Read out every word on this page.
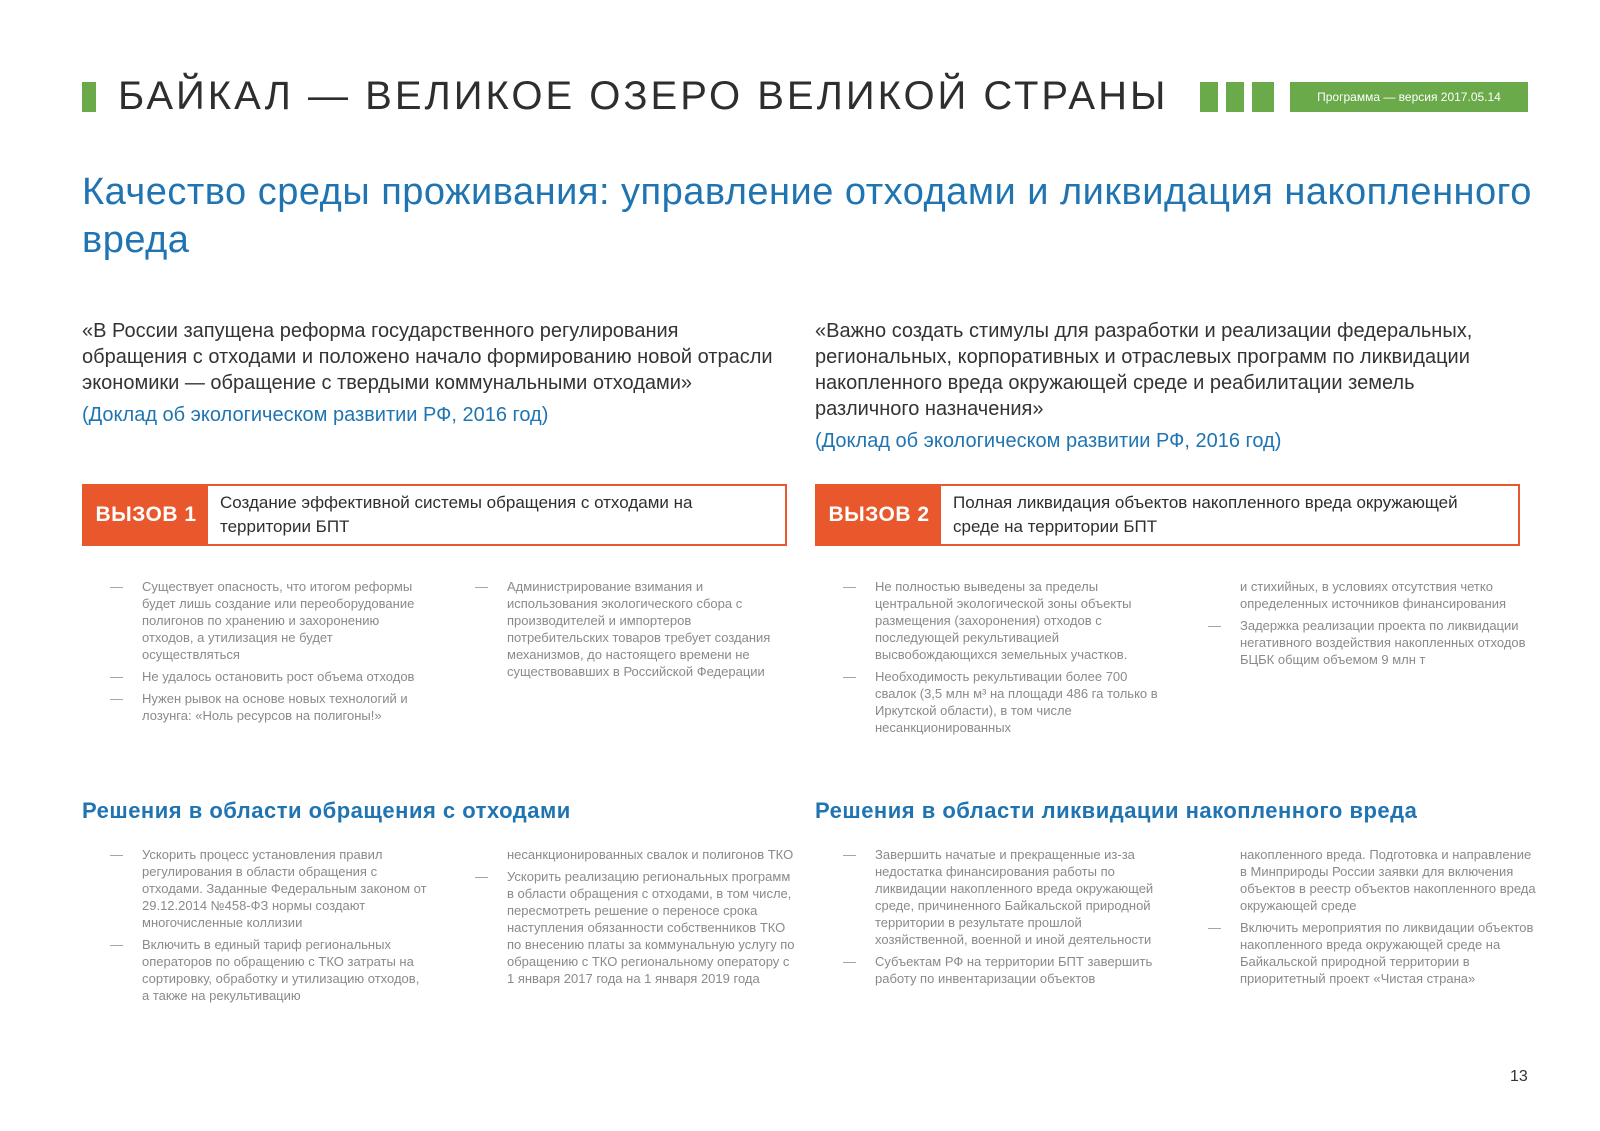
БАЙКАЛ — ВЕЛИКОЕ ОЗЕРО ВЕЛИКОЙ СТРАНЫ	Программа — версия 2017.05.14
Качество среды проживания: управление отходами и ликвидация накопленного вреда
«В России запущена реформа государственного регулирования обращения с отходами и положено начало формированию новой отрасли экономики — обращение с твердыми коммунальными отходами»
(Доклад об экологическом развитии РФ, 2016 год)
«Важно создать стимулы для разработки и реализации федеральных, региональных, корпоративных и отраслевых программ по ликвидации накопленного вреда окружающей среде и реабилитации земель различного назначения»
(Доклад об экологическом развитии РФ, 2016 год)
ВЫЗОВ 1
Создание эффективной системы обращения с отходами на территории БПТ
ВЫЗОВ 2
Полная ликвидация объектов накопленного вреда окружающей среде на территории БПТ
— Существует опасность, что итогом реформы будет лишь создание или переоборудование полигонов по хранению и захоронению отходов, а утилизация не будет осуществляться
— Не удалось остановить рост объема отходов
— Нужен рывок на основе новых технологий и лозунга: «Ноль ресурсов на полигоны!»
— Администрирование взимания и использования экологического сбора с производителей и импортеров потребительских товаров требует создания механизмов, до настоящего времени не существовавших в Российской Федерации
— Не полностью выведены за пределы центральной экологической зоны объекты размещения (захоронения) отходов с последующей рекультивацией высвобождающихся земельных участков.
— Необходимость рекультивации более 700 свалок (3,5 млн м³ на площади 486 га только в Иркутской области), в том числе несанкционированных
и стихийных, в условиях отсутствия четко определенных источников финансирования
— Задержка реализации проекта по ликвидации негативного воздействия накопленных отходов БЦБК общим объемом 9 млн т
Решения в области обращения с отходами	Решения в области ликвидации накопленного вреда
— Ускорить процесс установления правил регулирования в области обращения с отходами. Заданные Федеральным законом от 29.12.2014 №458-ФЗ нормы создают многочисленные коллизии
— Включить в единый тариф региональных операторов по обращению с ТКО затраты на сортировку, обработку и утилизацию отходов, а также на рекультивацию
несанкционированных свалок и полигонов ТКО
— Ускорить реализацию региональных программ в области обращения с отходами, в том числе, пересмотреть решение о переносе срока наступления обязанности собственников ТКО по внесению платы за коммунальную услугу по обращению с ТКО региональному оператору с 1 января 2017 года на 1 января 2019 года
— Завершить начатые и прекращенные из-за недостатка финансирования работы по ликвидации накопленного вреда окружающей среде, причиненного Байкальской природной территории в результате прошлой хозяйственной, военной и иной деятельности
— Субъектам РФ на территории БПТ завершить работу по инвентаризации объектов
накопленного вреда. Подготовка и направление в Минприроды России заявки для включения объектов в реестр объектов накопленного вреда окружающей среде
— Включить мероприятия по ликвидации объектов накопленного вреда окружающей среде на Байкальской природной территории в приоритетный проект «Чистая страна»
13
